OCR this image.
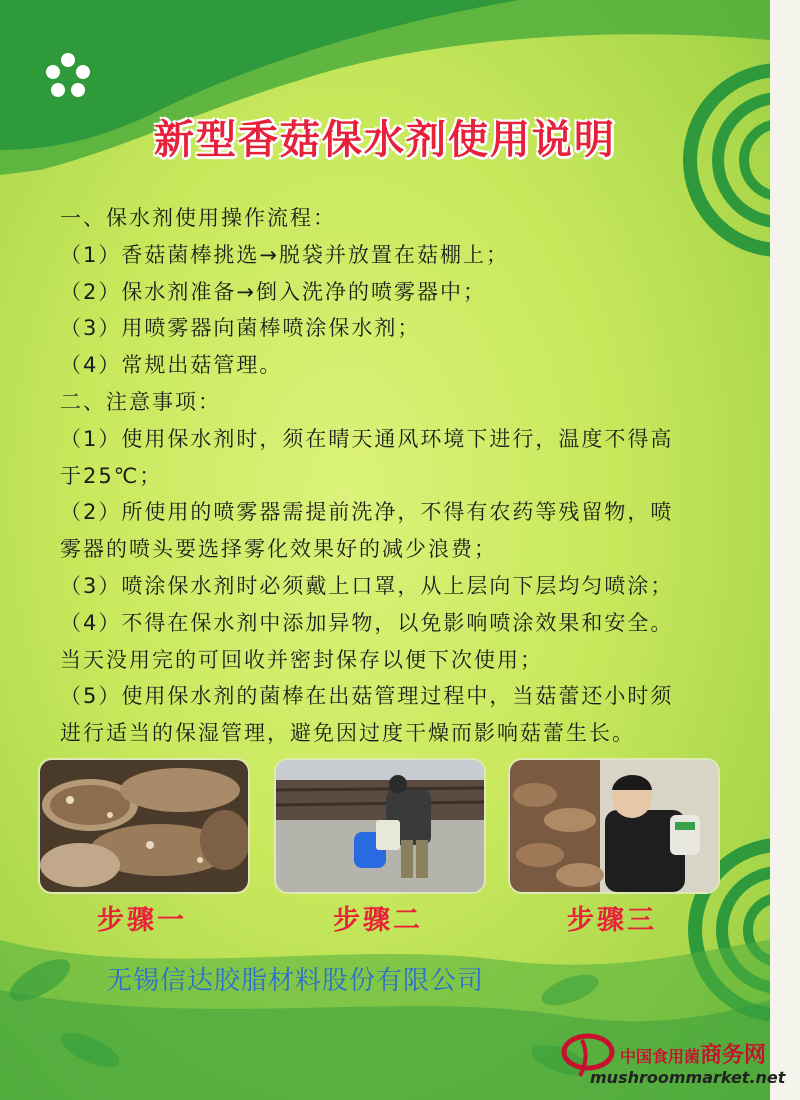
新型香菇保水剂使用说明

一、保水剂使用操作流程：

（1）香菇菌棒挑选→脱袋并放置在菇棚上；

（2）保水剂准备→倒入洗净的喷雾器中；

（3）用喷雾器向菌棒喷涂保水剂；

（4）常规出菇管理。

二、注意事项：

（1）使用保水剂时，须在晴天通风环境下进行，温度不得高

于25℃；

（2）所使用的喷雾器需提前洗净，不得有农药等残留物，喷

雾器的喷头要选择雾化效果好的减少浪费；

（3）喷涂保水剂时必须戴上口罩，从上层向下层均匀喷涂；

（4）不得在保水剂中添加异物，以免影响喷涂效果和安全。

当天没用完的可回收并密封保存以便下次使用；

（5）使用保水剂的菌棒在出菇管理过程中，当菇蕾还小时须

进行适当的保湿管理，避免因过度干燥而影响菇蕾生长。

步骤一	步骤二	步骤三
无锡信达胶脂材料股份有限公司
中国食用菌商务网
mushroommarket.net
